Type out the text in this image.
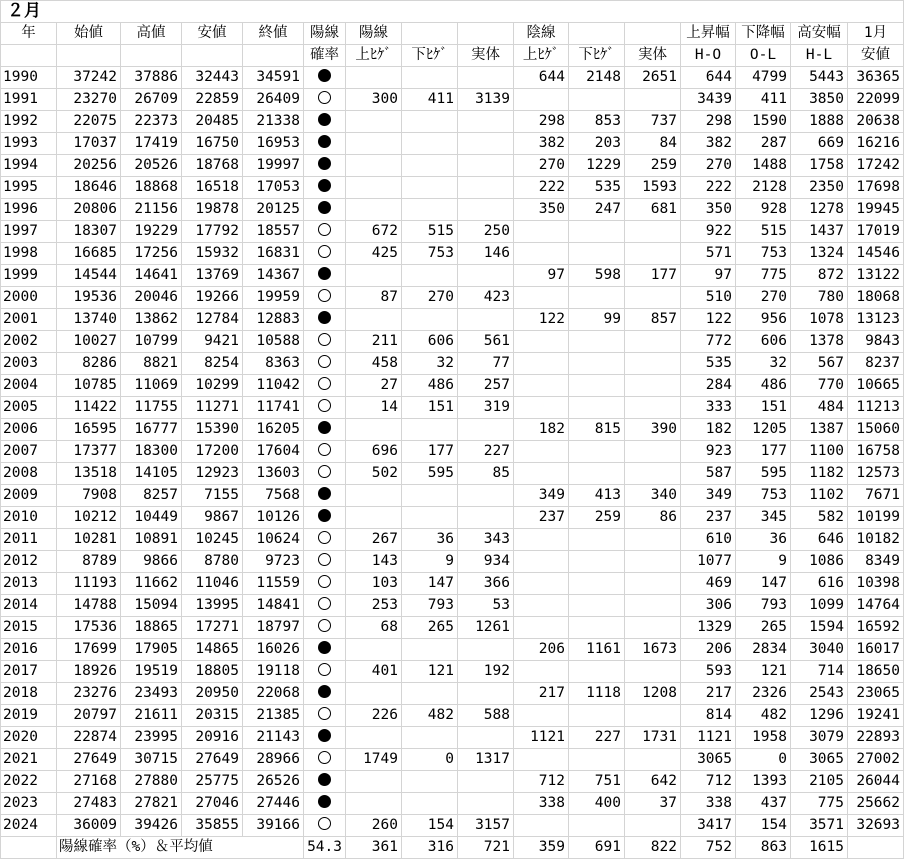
２月															
年	始値	高値	安値	終値	陽線	陽線			陰線			上昇幅	下降幅	高安幅	1月
					確率	上ﾋｹﾞ	下ﾋｹﾞ	実体	上ﾋｹﾞ	下ﾋｹﾞ	実体	H-O	O-L	H-L	安値
1990	37242	37886	32443	34591					644	2148	2651	644	4799	5443	36365
1991	23270	26709	22859	26409		300	411	3139				3439	411	3850	22099
1992	22075	22373	20485	21338					298	853	737	298	1590	1888	20638
1993	17037	17419	16750	16953					382	203	84	382	287	669	16216
1994	20256	20526	18768	19997					270	1229	259	270	1488	1758	17242
1995	18646	18868	16518	17053					222	535	1593	222	2128	2350	17698
1996	20806	21156	19878	20125					350	247	681	350	928	1278	19945
1997	18307	19229	17792	18557		672	515	250				922	515	1437	17019
1998	16685	17256	15932	16831		425	753	146				571	753	1324	14546
1999	14544	14641	13769	14367					97	598	177	97	775	872	13122
2000	19536	20046	19266	19959		87	270	423				510	270	780	18068
2001	13740	13862	12784	12883					122	99	857	122	956	1078	13123
2002	10027	10799	9421	10588		211	606	561				772	606	1378	9843
2003	8286	8821	8254	8363		458	32	77				535	32	567	8237
2004	10785	11069	10299	11042		27	486	257				284	486	770	10665
2005	11422	11755	11271	11741		14	151	319				333	151	484	11213
2006	16595	16777	15390	16205					182	815	390	182	1205	1387	15060
2007	17377	18300	17200	17604		696	177	227				923	177	1100	16758
2008	13518	14105	12923	13603		502	595	85				587	595	1182	12573
2009	7908	8257	7155	7568					349	413	340	349	753	1102	7671
2010	10212	10449	9867	10126					237	259	86	237	345	582	10199
2011	10281	10891	10245	10624		267	36	343				610	36	646	10182
2012	8789	9866	8780	9723		143	9	934				1077	9	1086	8349
2013	11193	11662	11046	11559		103	147	366				469	147	616	10398
2014	14788	15094	13995	14841		253	793	53				306	793	1099	14764
2015	17536	18865	17271	18797		68	265	1261				1329	265	1594	16592
2016	17699	17905	14865	16026					206	1161	1673	206	2834	3040	16017
2017	18926	19519	18805	19118		401	121	192				593	121	714	18650
2018	23276	23493	20950	22068					217	1118	1208	217	2326	2543	23065
2019	20797	21611	20315	21385		226	482	588				814	482	1296	19241
2020	22874	23995	20916	21143					1121	227	1731	1121	1958	3079	22893
2021	27649	30715	27649	28966		1749	0	1317				3065	0	3065	27002
2022	27168	27880	25775	26526					712	751	642	712	1393	2105	26044
2023	27483	27821	27046	27446					338	400	37	338	437	775	25662
2024	36009	39426	35855	39166		260	154	3157				3417	154	3571	32693
	陽線確率（%）＆平均値				54.3	361	316	721	359	691	822	752	863	1615	
